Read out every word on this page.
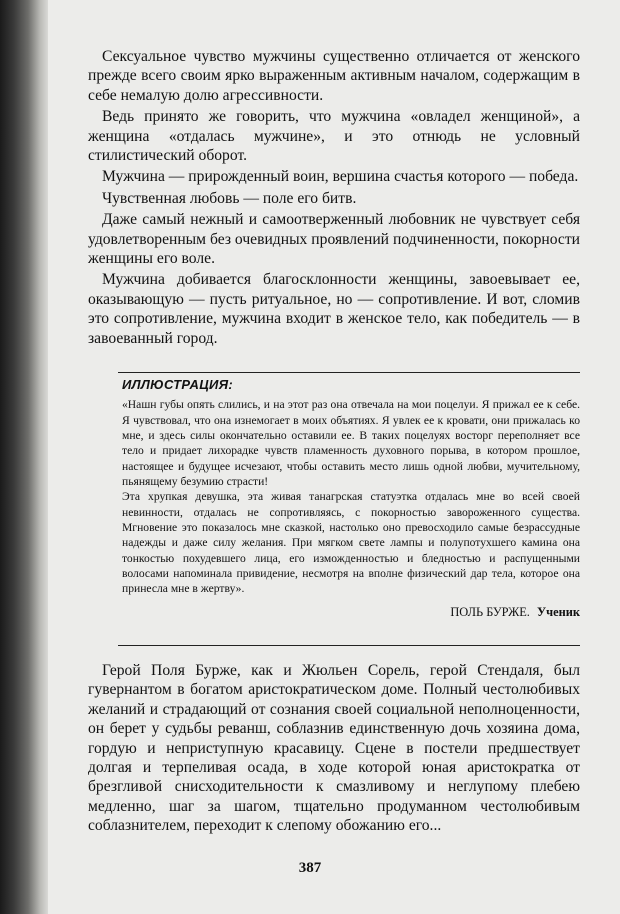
Сексуальное чувство мужчины существенно отличается от женского прежде всего своим ярко выраженным активным началом, содержащим в себе немалую долю агрессивности.

Ведь принято же говорить, что мужчина «овладел женщиной», а женщина «отдалась мужчине», и это отнюдь не условный стилистический оборот.

Мужчина — прирожденный воин, вершина счастья которого — победа.

Чувственная любовь — поле его битв.

Даже самый нежный и самоотверженный любовник не чувствует себя удовлетворенным без очевидных проявлений подчиненности, покорности женщины его воле.

Мужчина добивается благосклонности женщины, завоевывает ее, оказывающую — пусть ритуальное, но — сопротивление. И вот, сломив это сопротивление, мужчина входит в женское тело, как победитель — в завоеванный город.

ИЛЛЮСТРАЦИЯ:

«Нашн губы опять слились, и на этот раз она отвечала на мои поцелуи. Я прижал ее к себе. Я чувствовал, что она изнемогает в моих объятиях. Я увлек ее к кровати, они прижалась ко мне, и здесь силы окончательно оставили ее. В таких поцелуях восторг переполняет все тело и придает лихорадке чувств пламенность духовного порыва, в котором прошлое, настоящее и будущее исчезают, чтобы оставить место лишь одной любви, мучительному, пьянящему безумию страсти!

Эта хрупкая девушка, эта живая танагрская статуэтка отдалась мне во всей своей невинности, отдалась не сопротивляясь, с покорностью завороженного существа. Мгновение это показалось мне сказкой, настолько оно превосходило самые безрассудные надежды и даже силу желания. При мягком свете лампы и полупотухшего камина она тонкостью похудевшего лица, его изможденностью и бледностью и распущенными волосами напоминала привидение, несмотря на вполне физический дар тела, которое она принесла мне в жертву».

ПОЛЬ БУРЖЕ. Ученик

Герой Поля Бурже, как и Жюльен Сорель, герой Стендаля, был гувернантом в богатом аристократическом доме. Полный честолюбивых желаний и страдающий от сознания своей социальной неполноценности, он берет у судьбы реванш, соблазнив единственную дочь хозяина дома, гордую и неприступную красавицу. Сцене в постели предшествует долгая и терпеливая осада, в ходе которой юная аристократка от брезгливой снисходительности к смазливому и неглупому плебею медленно, шаг за шагом, тщательно продуманном честолюбивым соблазнителем, переходит к слепому обожанию его...

387
